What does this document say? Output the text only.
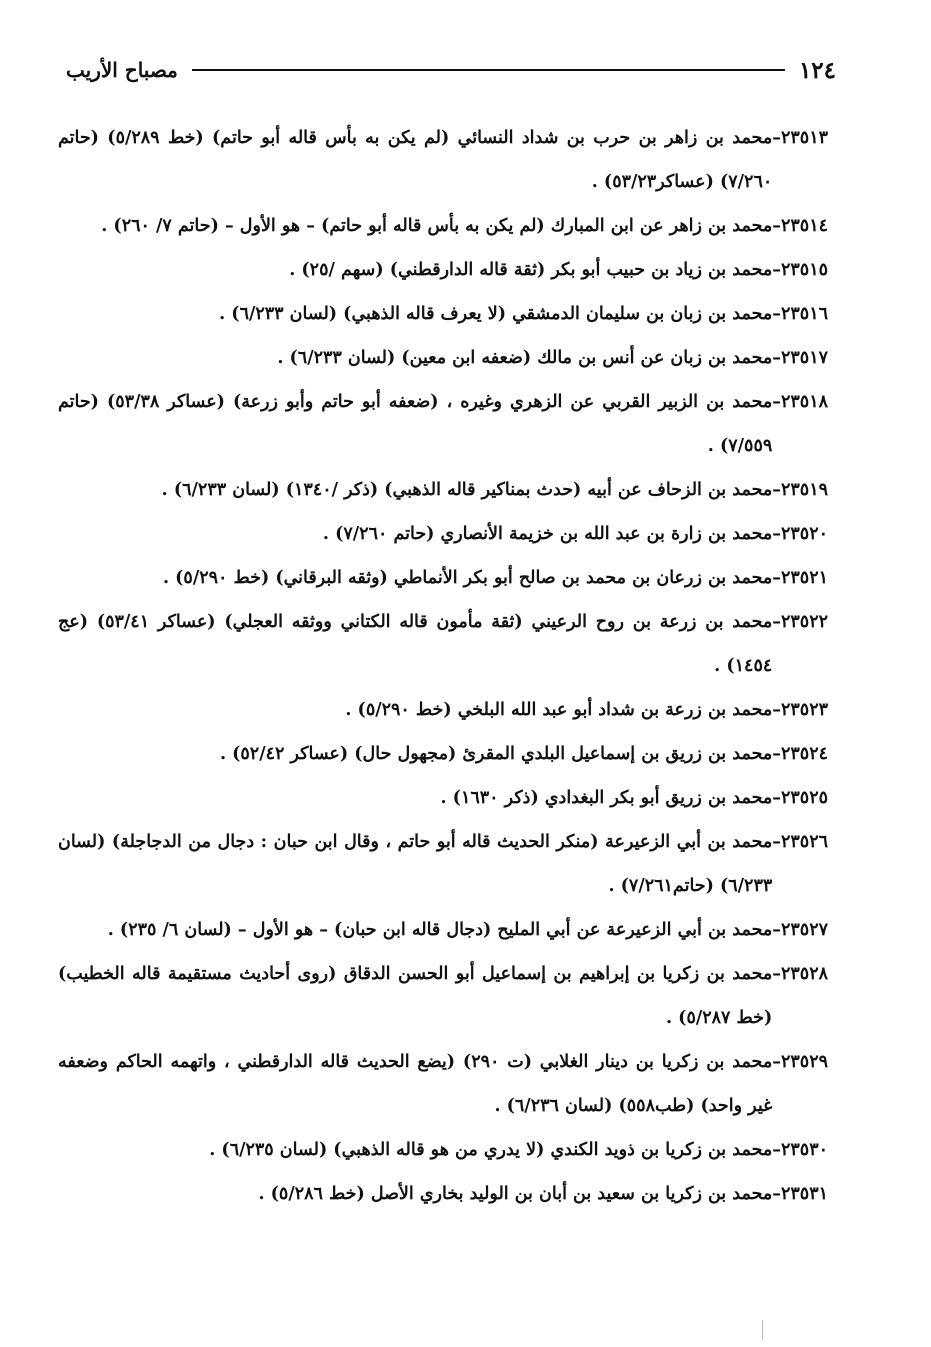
١٢٤
مصباح الأريب
٢٣٥١٣
–
محمد بن زاهر بن حرب بن شداد النسائي (لم يكن به بأس قاله أبو حاتم) (خط ٥/٢٨٩) (حاتم ٧/٢٦٠) (عساكر٥٣/٢٣) .
٢٣٥١٤
–
محمد بن زاهر عن ابن المبارك (لم يكن به بأس قاله أبو حاتم) – هو الأول – (حاتم ٧/ ٢٦٠) .
٢٣٥١٥
–
محمد بن زياد بن حبيب أبو بكر (ثقة قاله الدارقطني) (سهم /٢٥) .
٢٣٥١٦
–
محمد بن زبان بن سليمان الدمشقي (لا يعرف قاله الذهبي) (لسان ٦/٢٣٣) .
٢٣٥١٧
–
محمد بن زبان عن أنس بن مالك (ضعفه ابن معين) (لسان ٦/٢٣٣) .
٢٣٥١٨
–
محمد بن الزبير القربي عن الزهري وغيره ، (ضعفه أبو حاتم وأبو زرعة) (عساكر ٥٣/٣٨) (حاتم ٧/٥٥٩) .
٢٣٥١٩
–
محمد بن الزحاف عن أبيه (حدث بمناكير قاله الذهبي) (ذكر /١٣٤٠) (لسان ٦/٢٣٣) .
٢٣٥٢٠
–
محمد بن زارة بن عبد الله بن خزيمة الأنصاري (حاتم ٧/٢٦٠) .
٢٣٥٢١
–
محمد بن زرعان بن محمد بن صالح أبو بكر الأنماطي (وثقه البرقاني) (خط ٥/٢٩٠) .
٢٣٥٢٢
–
محمد بن زرعة بن روح الرعيني (ثقة مأمون قاله الكتاني ووثقه العجلي) (عساكر ٥٣/٤١) (عج ١٤٥٤) .
٢٣٥٢٣
–
محمد بن زرعة بن شداد أبو عبد الله البلخي (خط ٥/٢٩٠) .
٢٣٥٢٤
–
محمد بن زريق بن إسماعيل البلدي المقرئ (مجهول حال) (عساكر ٥٢/٤٢) .
٢٣٥٢٥
–
محمد بن زريق أبو بكر البغدادي (ذكر ١٦٣٠) .
٢٣٥٢٦
–
محمد بن أبي الزعيرعة (منكر الحديث قاله أبو حاتم ، وقال ابن حبان : دجال من الدجاجلة) (لسان ٦/٢٣٣) (حاتم٧/٢٦١) .
٢٣٥٢٧
–
محمد بن أبي الزعيرعة عن أبي المليح (دجال قاله ابن حبان) – هو الأول – (لسان ٦/ ٢٣٥) .
٢٣٥٢٨
–
محمد بن زكريا بن إبراهيم بن إسماعيل أبو الحسن الدقاق (روى أحاديث مستقيمة قاله الخطيب) (خط ٥/٢٨٧) .
٢٣٥٢٩
–
محمد بن زكريا بن دينار الغلابي (ت ٢٩٠) (يضع الحديث قاله الدارقطني ، واتهمه الحاكم وضعفه غير واحد) (طب٥٥٨) (لسان ٦/٢٣٦) .
٢٣٥٣٠
–
محمد بن زكريا بن ذويد الكندي (لا يدري من هو قاله الذهبي) (لسان ٦/٢٣٥) .
٢٣٥٣١
–
محمد بن زكريا بن سعيد بن أبان بن الوليد بخاري الأصل (خط ٥/٢٨٦) .
